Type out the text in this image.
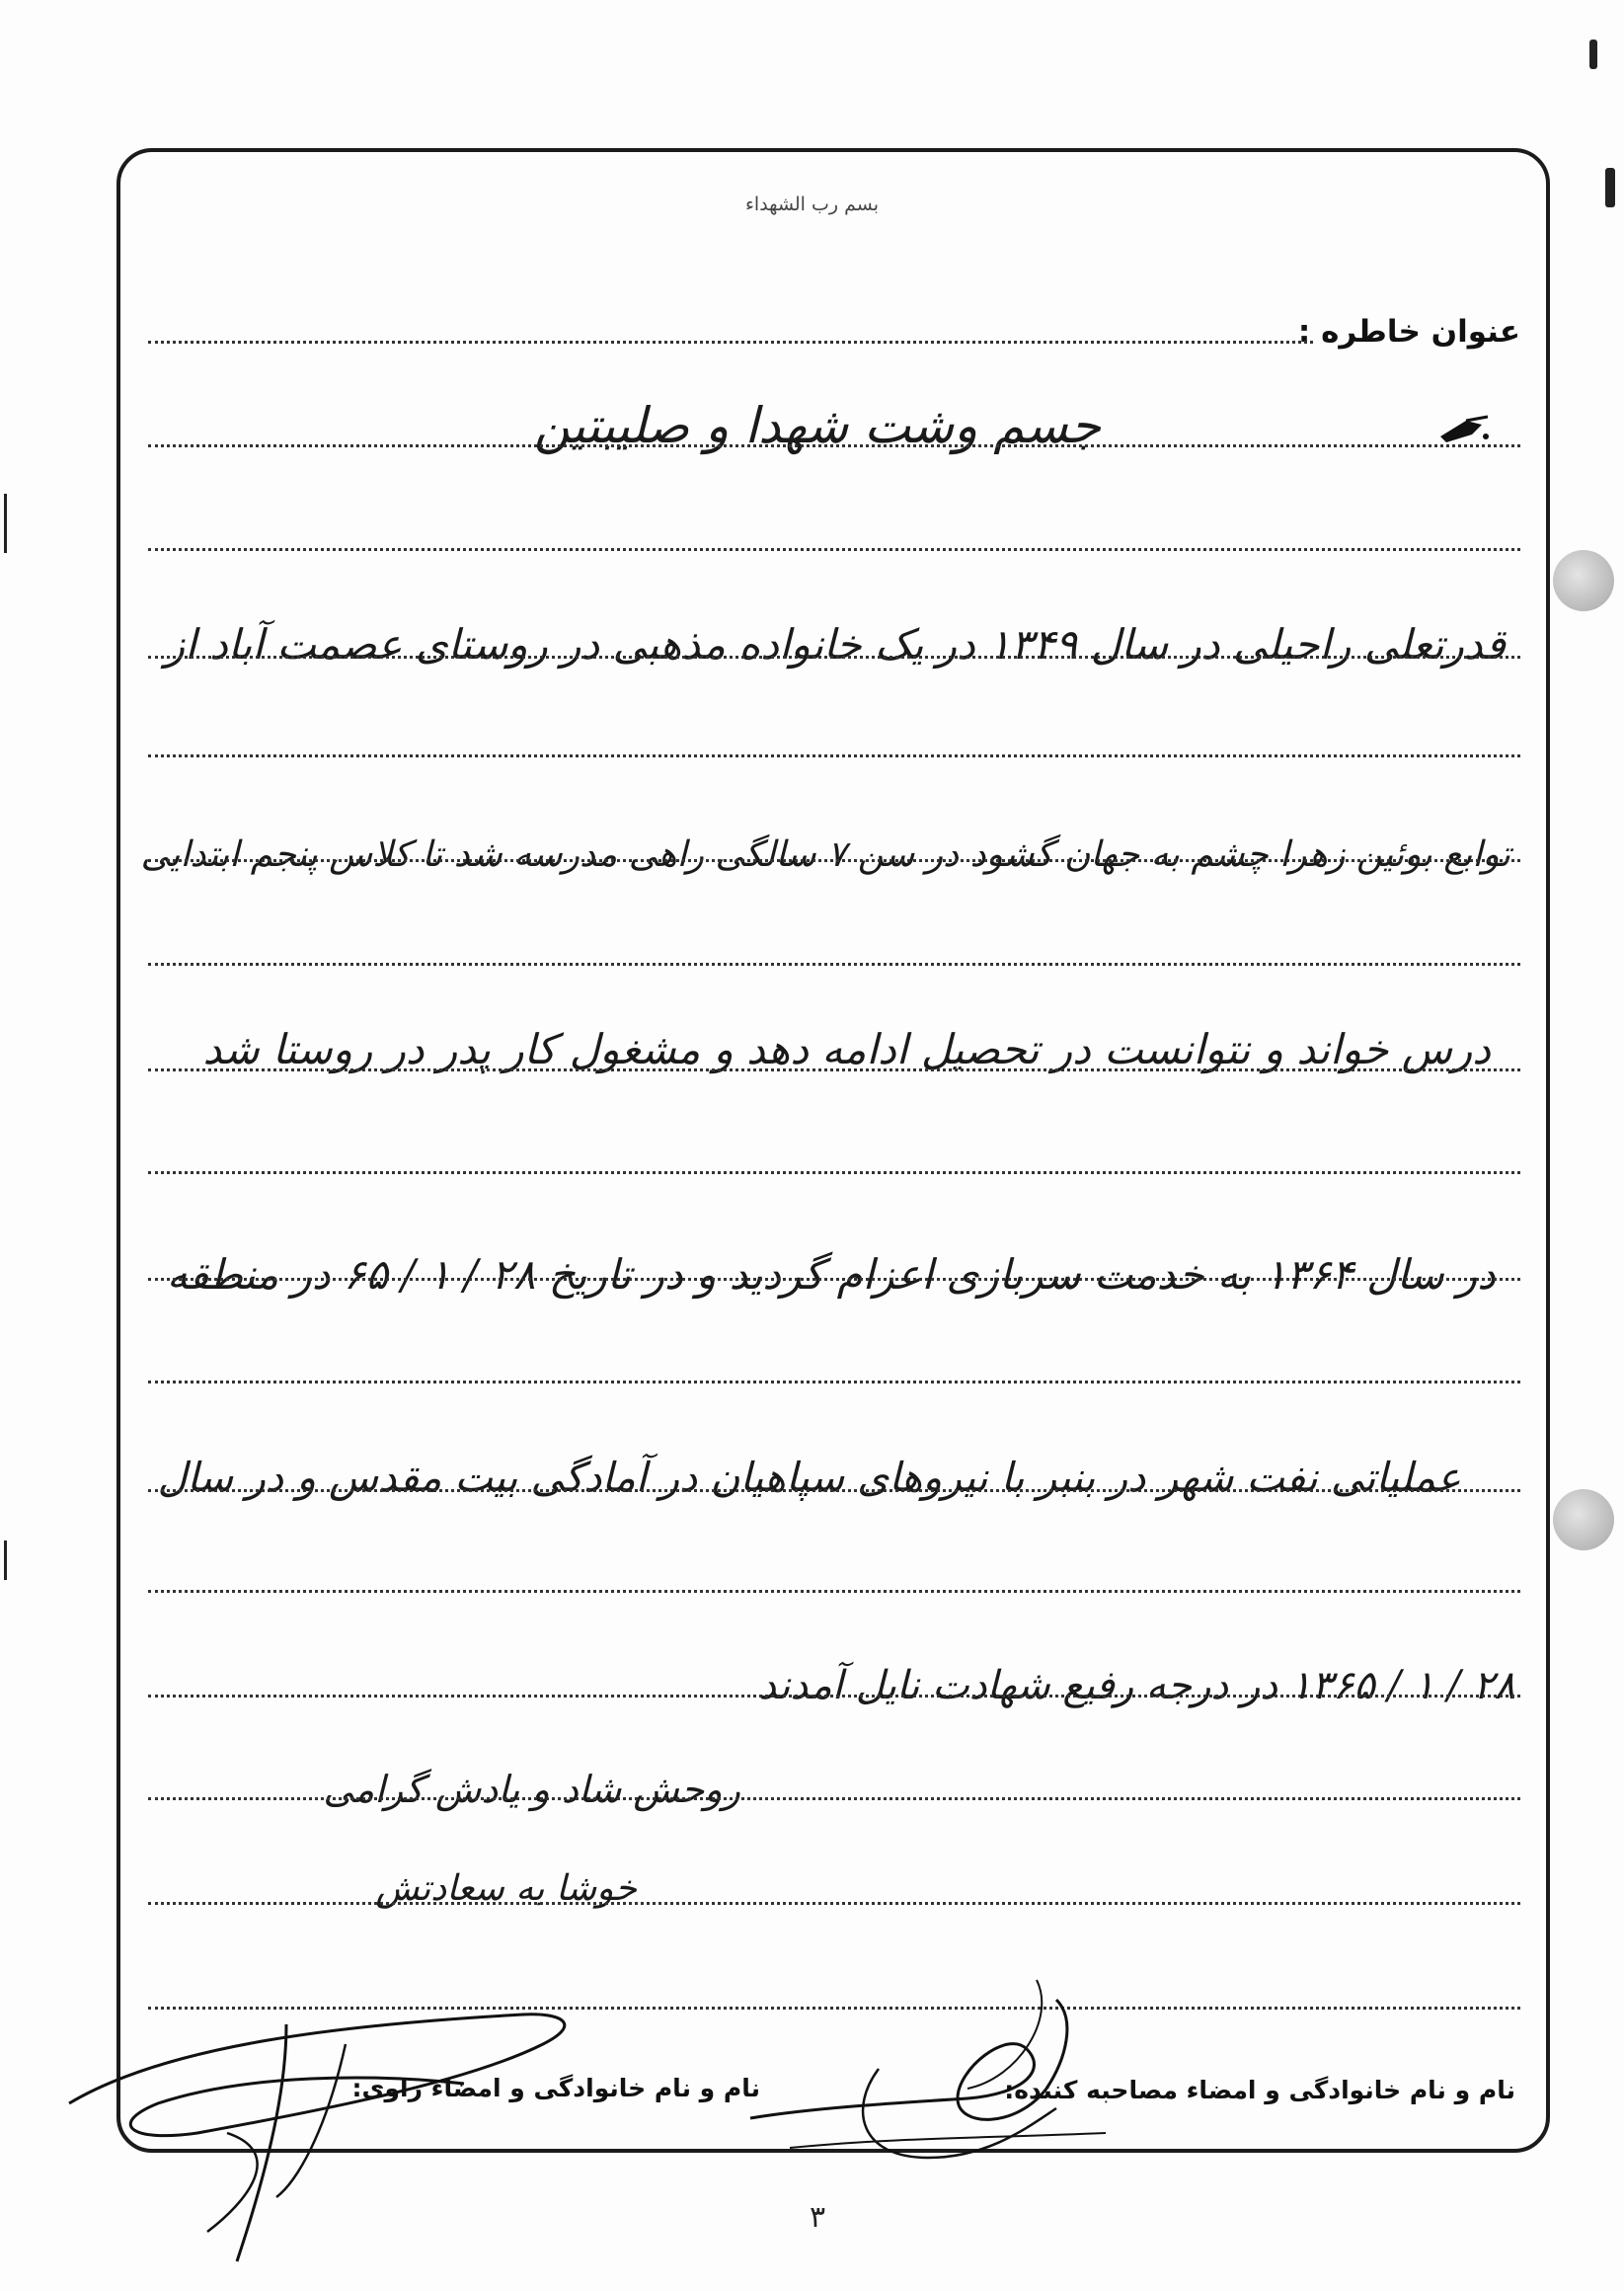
بسم رب الشهداء
عنوان خاطره :
جسم وشت شهدا و صلیبتین
قدرتعلی راحیلی در سال ۱۳۴۹ در یک خانواده مذهبی در روستای عصمت آباد از
توابع بوئین زهرا چشم به جهان گشود در سن ۷ سالگی راهی مدرسه شد تا کلاس پنجم ابتدایی
درس خواند و نتوانست در تحصیل ادامه دهد و مشغول کار پدر در روستا شد
در سال ۱۳۶۴ به خدمت سربازی اعزام گردید و در تاریخ ۲۸ / ۱ / ۶۵ در منطقه
عملیاتی نفت شهر در بنبر با نیروهای سپاهیان در آمادگی بیت مقدس و در سال
۲۸ / ۱ / ۱۳۶۵ در درجه رفیع شهادت نایل آمدند
روحش شاد و یادش گرامی
خوشا به سعادتش
نام و نام خانوادگی و امضاء مصاحبه کننده:
نام و نام خانوادگی و امضاء راوی:
۳
